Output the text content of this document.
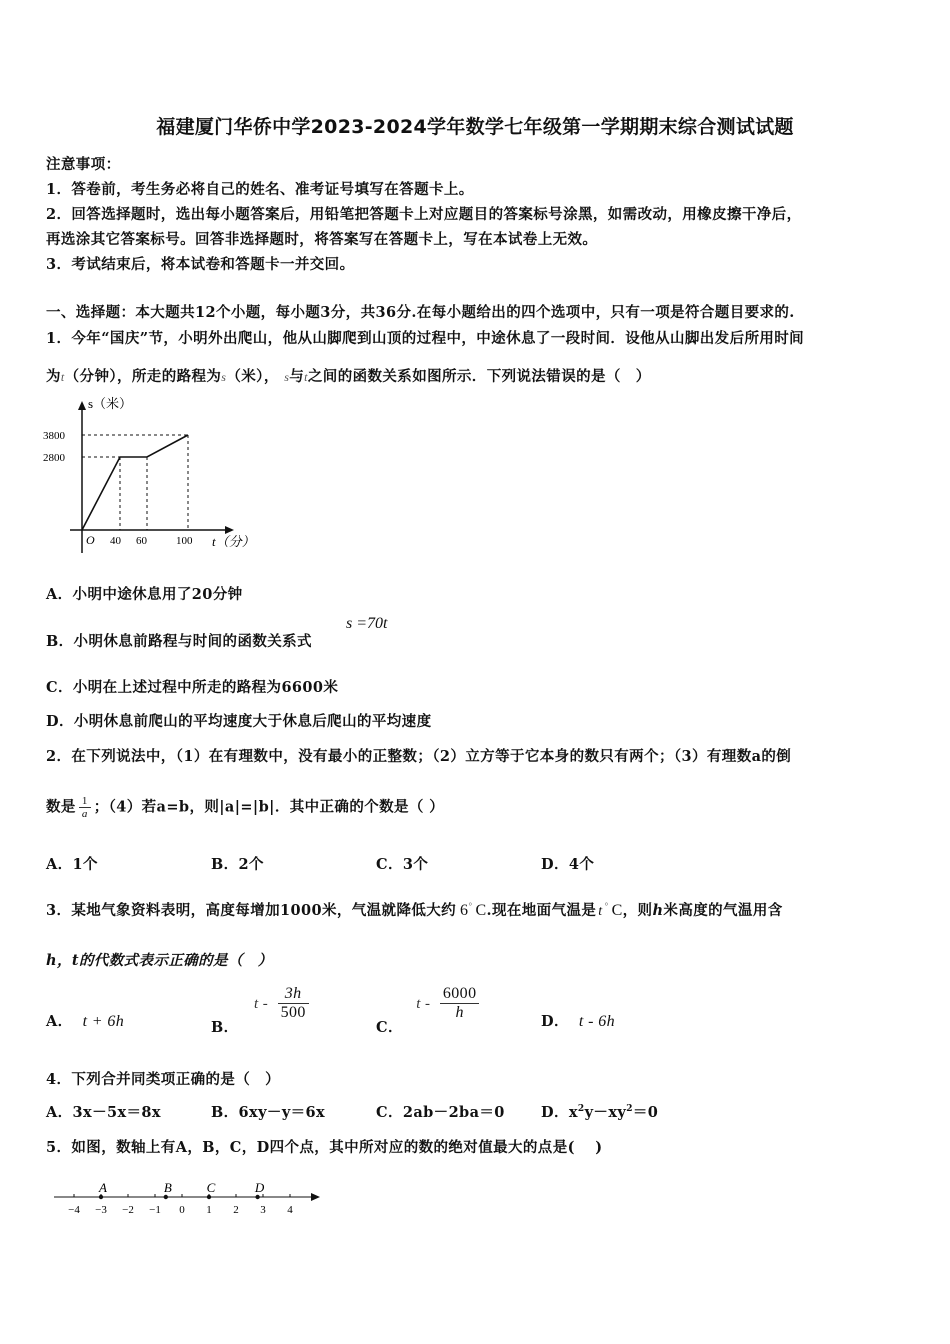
福建厦门华侨中学2023-2024学年数学七年级第一学期期末综合测试试题
注意事项：
1．答卷前，考生务必将自己的姓名、准考证号填写在答题卡上。
2．回答选择题时，选出每小题答案后，用铅笔把答题卡上对应题目的答案标号涂黑，如需改动，用橡皮擦干净后，
再选涂其它答案标号。回答非选择题时，将答案写在答题卡上，写在本试卷上无效。
3．考试结束后，将本试卷和答题卡一并交回。
一、选择题：本大题共12个小题，每小题3分，共36分.在每小题给出的四个选项中，只有一项是符合题目要求的.
1．今年“国庆”节，小明外出爬山，他从山脚爬到山顶的过程中，中途休息了一段时间．设他从山脚出发后所用时间
为t（分钟），所走的路程为s（米）， s与t之间的函数关系如图所示．下列说法错误的是（　）
s（米）
3800
2800
O 40 60	100 t（分）
A．小明中途休息用了20分钟
B．小明休息前路程与时间的函数关系式
s =70t
C．小明在上述过程中所走的路程为6600米
D．小明休息前爬山的平均速度大于休息后爬山的平均速度
2．在下列说法中，（1）在有理数中，没有最小的正整数；（2）立方等于它本身的数只有两个；（3）有理数a的倒
数是 $\frac{1}{a}$ ；（4）若a=b，则|a|=|b|．其中正确的个数是（ ）
A．1个	B．2个	C．3个	D．4个
3．某地气象资料表明，高度每增加1000米，气温就降低大约 6° C.现在地面气温是 t ° C，则h米高度的气温用含
h，t的代数式表示正确的是（　）
A． t + 6h	B． t - $\frac{3h}{500}$
C． t - $\frac{6000}{h}$	D． t - 6h
4．下列合并同类项正确的是（　）
A．3x－5x＝8x	B．6xy－y＝6x	C．2ab－2ba＝0 D．$x^2y-xy^2=0$
5．如图，数轴上有A，B，C，D四个点，其中所对应的数的绝对值最大的点是(　 )
−4 −3 −2 −1 0 1 2 3 4
A	B	C	D
